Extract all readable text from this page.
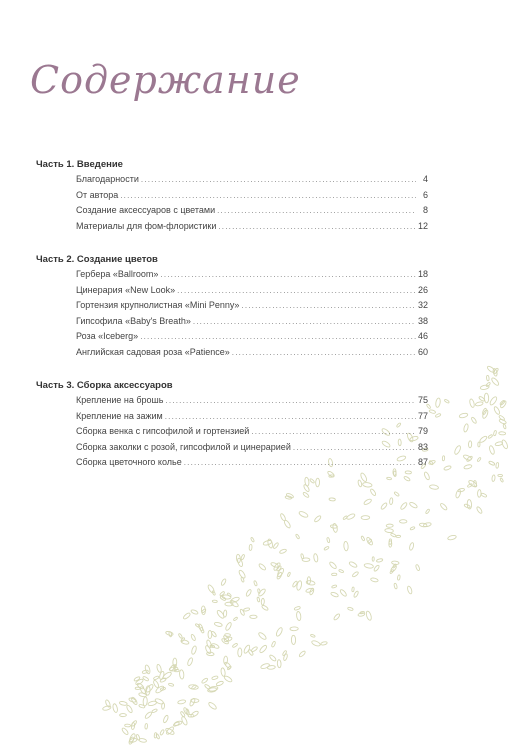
Содержание
Часть 1. Введение
Благодарности .....	4
От автора .....	6
Создание аксессуаров с цветами .....	8
Материалы для фом-флористики .....	12
Часть 2. Создание цветов
Гербера «Ballroom» .....	18
Цинерария «New Look» .....	26
Гортензия крупнолистная «Mini Penny» .....	32
Гипсофила «Baby's Breath» .....	38
Роза «Iceberg» .....	46
Английская садовая роза «Patience» .....	60
Часть 3. Сборка аксессуаров
Крепление на брошь .....	75
Крепление на зажим .....	77
Сборка венка с гипсофилой и гортензией .....	79
Сборка заколки с розой, гипсофилой и цинерарией .....	83
Сборка цветочного колье .....	87
